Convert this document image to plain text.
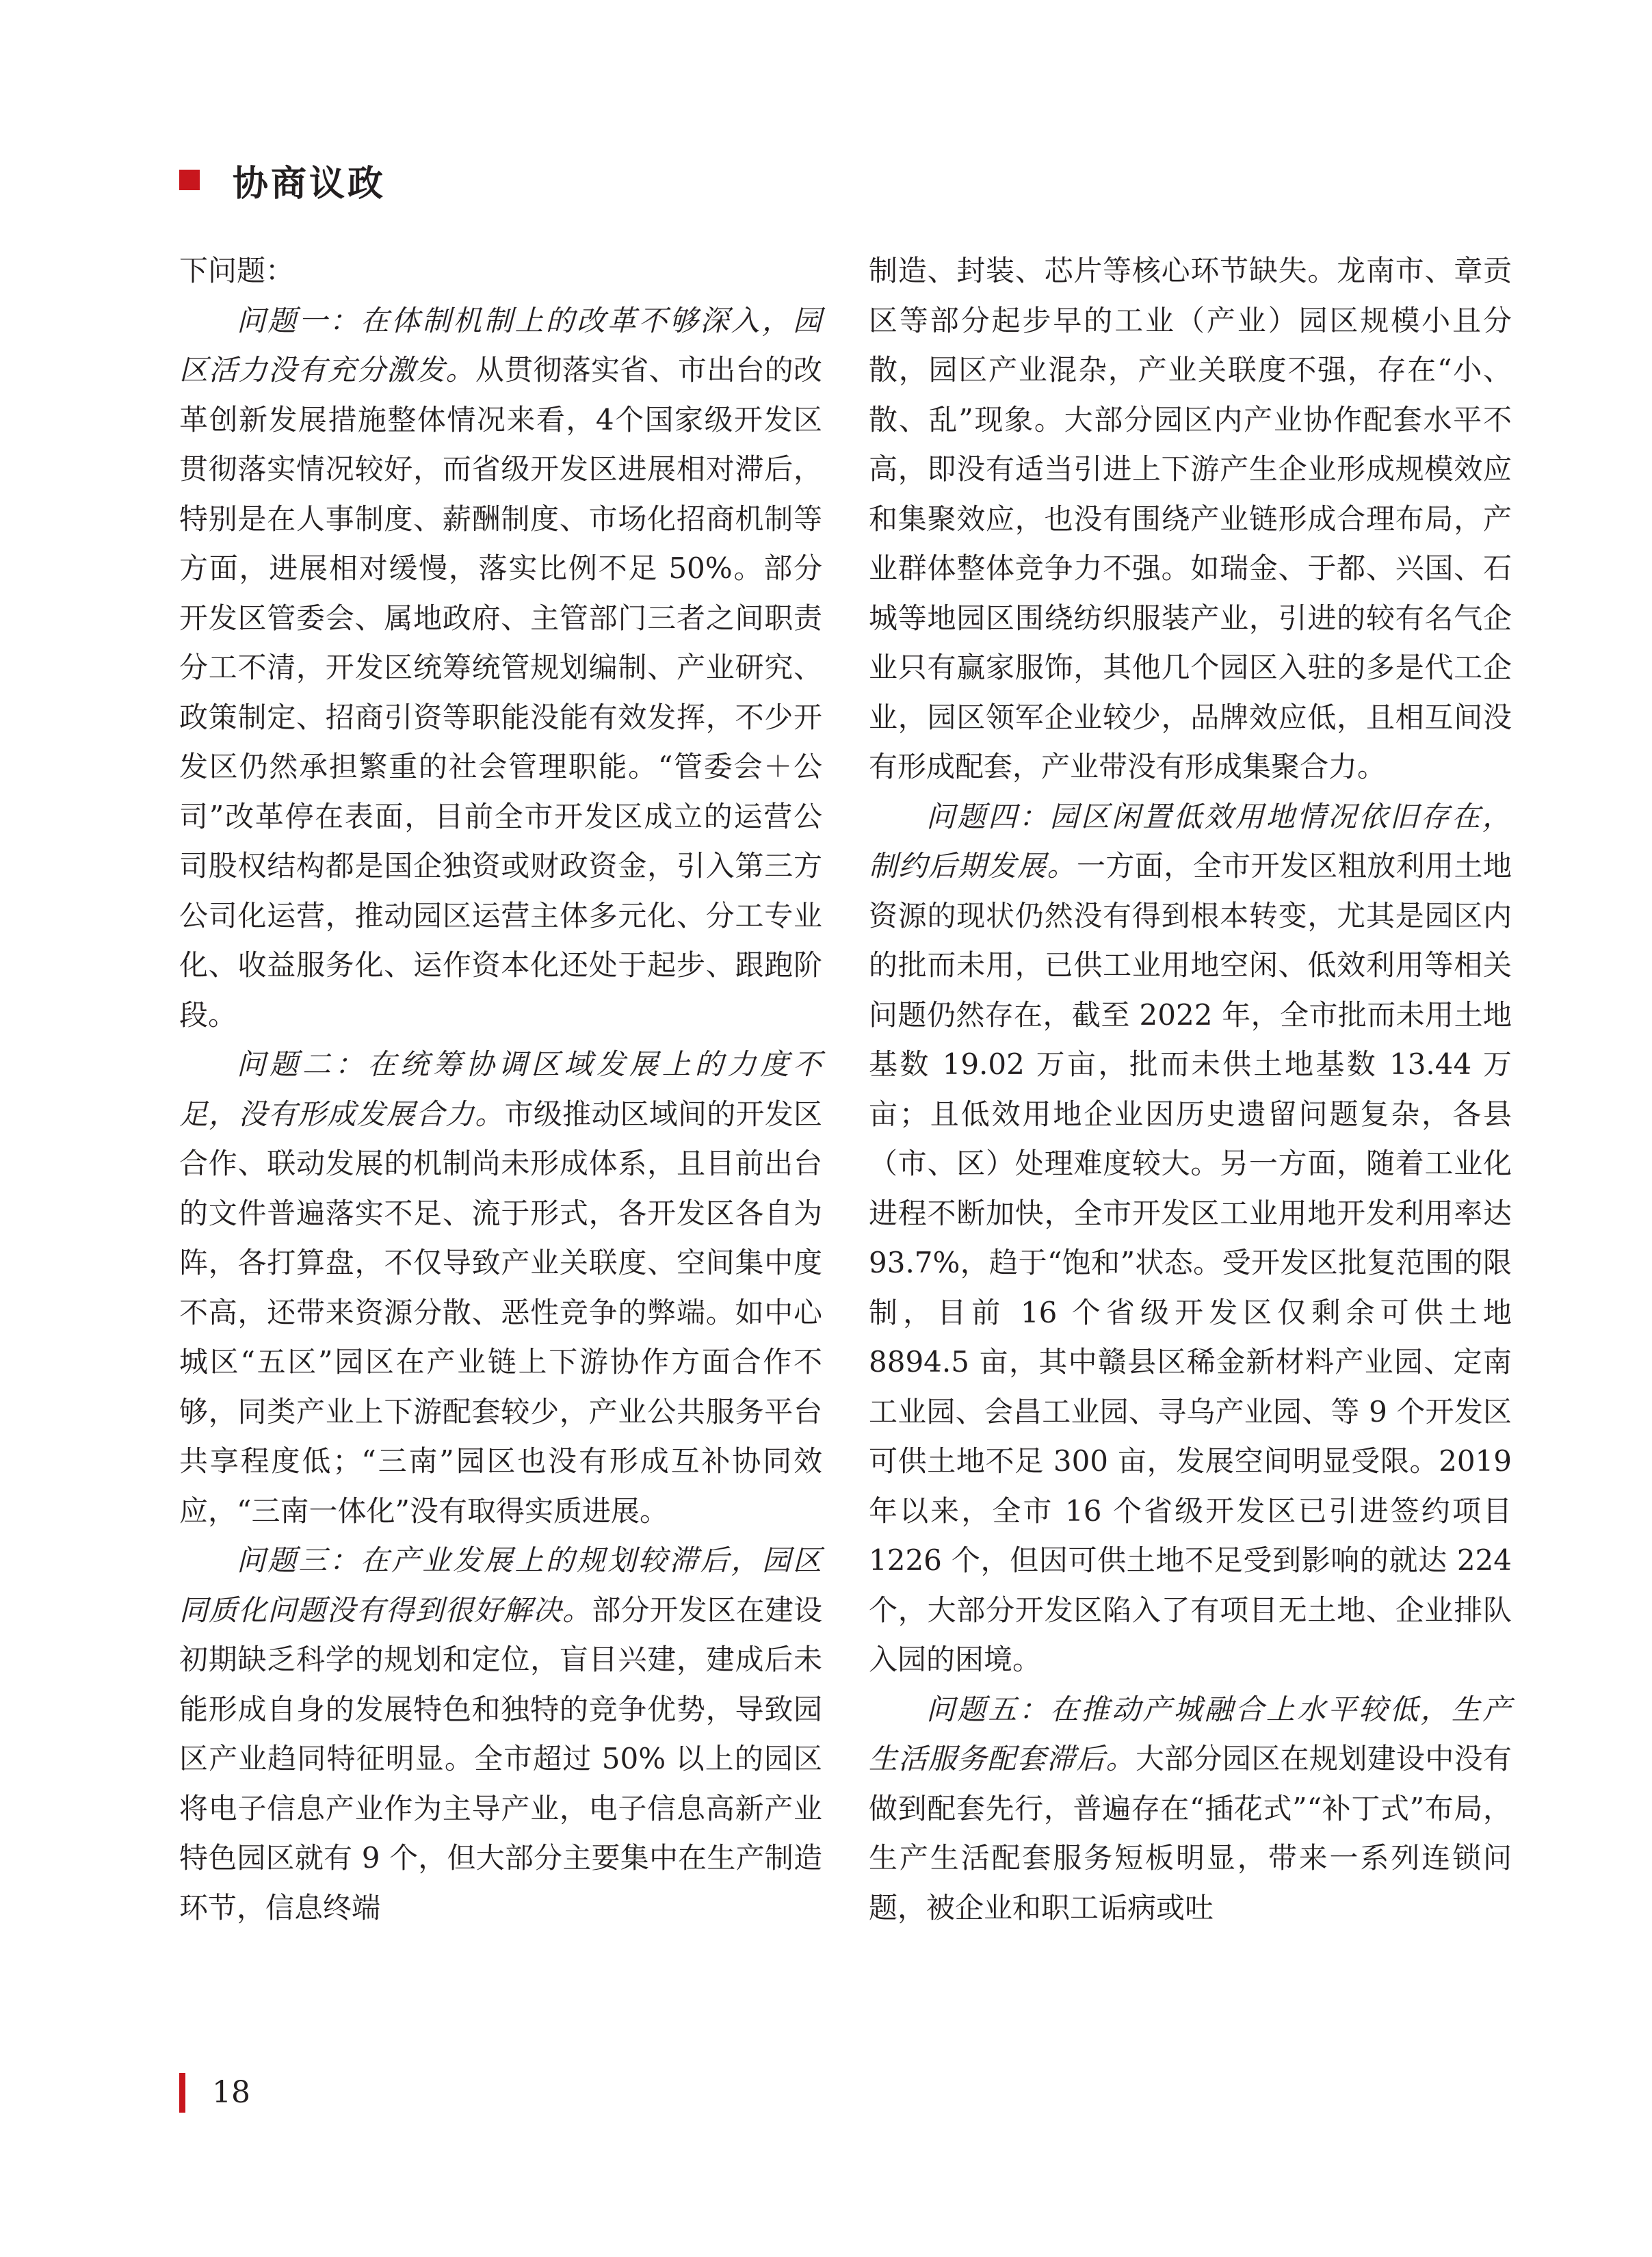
协商议政

下问题：

问题一：在体制机制上的改革不够深入，园区活力没有充分激发。从贯彻落实省、市出台的改革创新发展措施整体情况来看，4个国家级开发区贯彻落实情况较好，而省级开发区进展相对滞后，特别是在人事制度、薪酬制度、市场化招商机制等方面，进展相对缓慢，落实比例不足 50%。部分开发区管委会、属地政府、主管部门三者之间职责分工不清，开发区统筹统管规划编制、产业研究、政策制定、招商引资等职能没能有效发挥，不少开发区仍然承担繁重的社会管理职能。“管委会＋公司”改革停在表面，目前全市开发区成立的运营公司股权结构都是国企独资或财政资金，引入第三方公司化运营，推动园区运营主体多元化、分工专业化、收益服务化、运作资本化还处于起步、跟跑阶段。

问题二：在统筹协调区域发展上的力度不足，没有形成发展合力。市级推动区域间的开发区合作、联动发展的机制尚未形成体系，且目前出台的文件普遍落实不足、流于形式，各开发区各自为阵，各打算盘，不仅导致产业关联度、空间集中度不高，还带来资源分散、恶性竞争的弊端。如中心城区“五区”园区在产业链上下游协作方面合作不够，同类产业上下游配套较少，产业公共服务平台共享程度低；“三南”园区也没有形成互补协同效应，“三南一体化”没有取得实质进展。

问题三：在产业发展上的规划较滞后，园区同质化问题没有得到很好解决。部分开发区在建设初期缺乏科学的规划和定位，盲目兴建，建成后未能形成自身的发展特色和独特的竞争优势，导致园区产业趋同特征明显。全市超过 50% 以上的园区将电子信息产业作为主导产业，电子信息高新产业特色园区就有 9 个，但大部分主要集中在生产制造环节，信息终端

制造、封装、芯片等核心环节缺失。龙南市、章贡区等部分起步早的工业（产业）园区规模小且分散，园区产业混杂，产业关联度不强，存在“小、散、乱”现象。大部分园区内产业协作配套水平不高，即没有适当引进上下游产生企业形成规模效应和集聚效应，也没有围绕产业链形成合理布局，产业群体整体竞争力不强。如瑞金、于都、兴国、石城等地园区围绕纺织服装产业，引进的较有名气企业只有赢家服饰，其他几个园区入驻的多是代工企业，园区领军企业较少，品牌效应低，且相互间没有形成配套，产业带没有形成集聚合力。

问题四：园区闲置低效用地情况依旧存在，制约后期发展。一方面，全市开发区粗放利用土地资源的现状仍然没有得到根本转变，尤其是园区内的批而未用，已供工业用地空闲、低效利用等相关问题仍然存在，截至 2022 年，全市批而未用土地基数 19.02 万亩，批而未供土地基数 13.44 万亩；且低效用地企业因历史遗留问题复杂，各县（市、区）处理难度较大。另一方面，随着工业化进程不断加快，全市开发区工业用地开发利用率达 93.7%，趋于“饱和”状态。受开发区批复范围的限制，目前 16 个省级开发区仅剩余可供土地 8894.5 亩，其中赣县区稀金新材料产业园、定南工业园、会昌工业园、寻乌产业园、等 9 个开发区可供土地不足 300 亩，发展空间明显受限。2019 年以来，全市 16 个省级开发区已引进签约项目 1226 个，但因可供土地不足受到影响的就达 224 个，大部分开发区陷入了有项目无土地、企业排队入园的困境。

问题五：在推动产城融合上水平较低，生产生活服务配套滞后。大部分园区在规划建设中没有做到配套先行，普遍存在“插花式”“补丁式”布局，生产生活配套服务短板明显，带来一系列连锁问题，被企业和职工诟病或吐

18
